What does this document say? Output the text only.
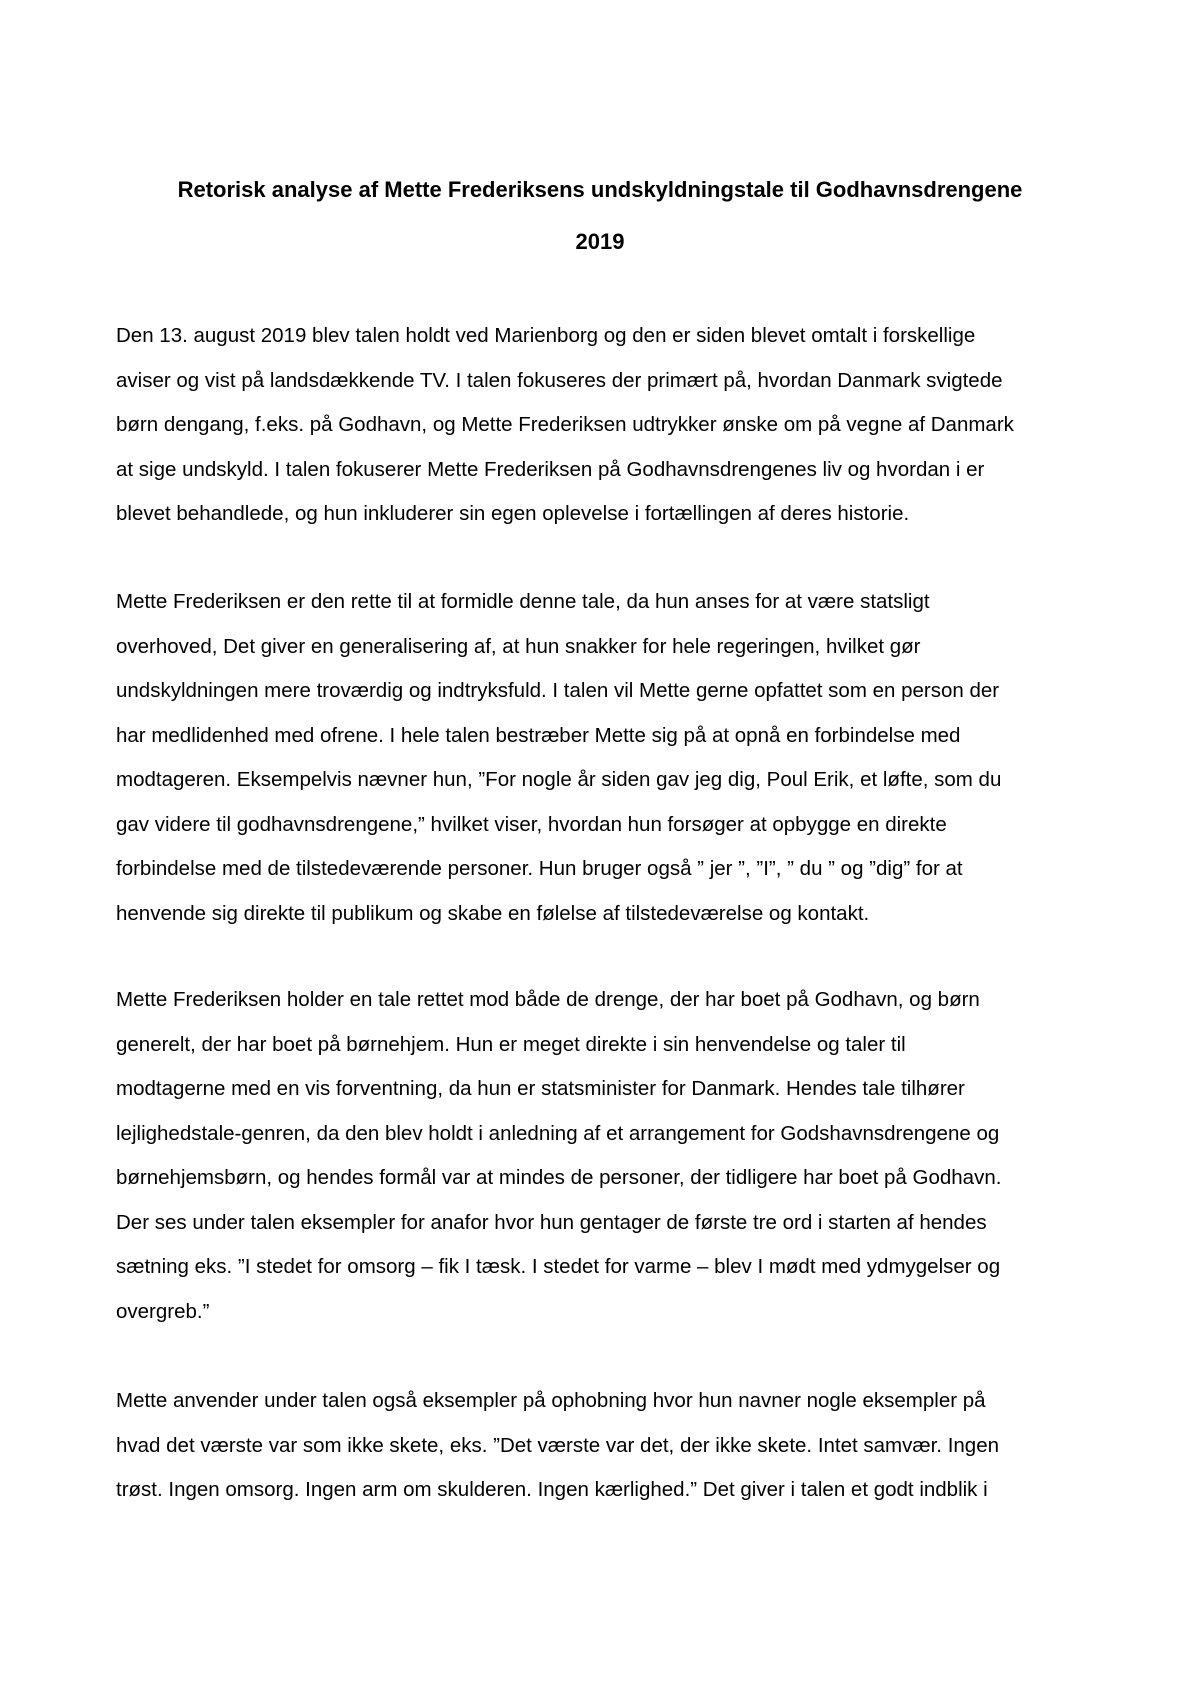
Retorisk analyse af Mette Frederiksens undskyldningstale til Godhavnsdrengene
2019
Den 13. august 2019 blev talen holdt ved Marienborg og den er siden blevet omtalt i forskellige
aviser og vist på landsdækkende TV. I talen fokuseres der primært på, hvordan Danmark svigtede
børn dengang, f.eks. på Godhavn, og Mette Frederiksen udtrykker ønske om på vegne af Danmark
at sige undskyld. I talen fokuserer Mette Frederiksen på Godhavnsdrengenes liv og hvordan i er
blevet behandlede, og hun inkluderer sin egen oplevelse i fortællingen af deres historie.
Mette Frederiksen er den rette til at formidle denne tale, da hun anses for at være statsligt
overhoved, Det giver en generalisering af, at hun snakker for hele regeringen, hvilket gør
undskyldningen mere troværdig og indtryksfuld. I talen vil Mette gerne opfattet som en person der
har medlidenhed med ofrene. I hele talen bestræber Mette sig på at opnå en forbindelse med
modtageren. Eksempelvis nævner hun, ”For nogle år siden gav jeg dig, Poul Erik, et løfte, som du
gav videre til godhavnsdrengene,” hvilket viser, hvordan hun forsøger at opbygge en direkte
forbindelse med de tilstedeværende personer. Hun bruger også ” jer ”, ”I”, ” du ” og ”dig” for at
henvende sig direkte til publikum og skabe en følelse af tilstedeværelse og kontakt.
Mette Frederiksen holder en tale rettet mod både de drenge, der har boet på Godhavn, og børn
generelt, der har boet på børnehjem. Hun er meget direkte i sin henvendelse og taler til
modtagerne med en vis forventning, da hun er statsminister for Danmark. Hendes tale tilhører
lejlighedstale-genren, da den blev holdt i anledning af et arrangement for Godshavnsdrengene og
børnehjemsbørn, og hendes formål var at mindes de personer, der tidligere har boet på Godhavn.
Der ses under talen eksempler for anafor hvor hun gentager de første tre ord i starten af hendes
sætning eks. ”I stedet for omsorg – fik I tæsk. I stedet for varme – blev I mødt med ydmygelser og
overgreb.”
Mette anvender under talen også eksempler på ophobning hvor hun navner nogle eksempler på
hvad det værste var som ikke skete, eks. ”Det værste var det, der ikke skete. Intet samvær. Ingen
trøst. Ingen omsorg. Ingen arm om skulderen. Ingen kærlighed.” Det giver i talen et godt indblik i
